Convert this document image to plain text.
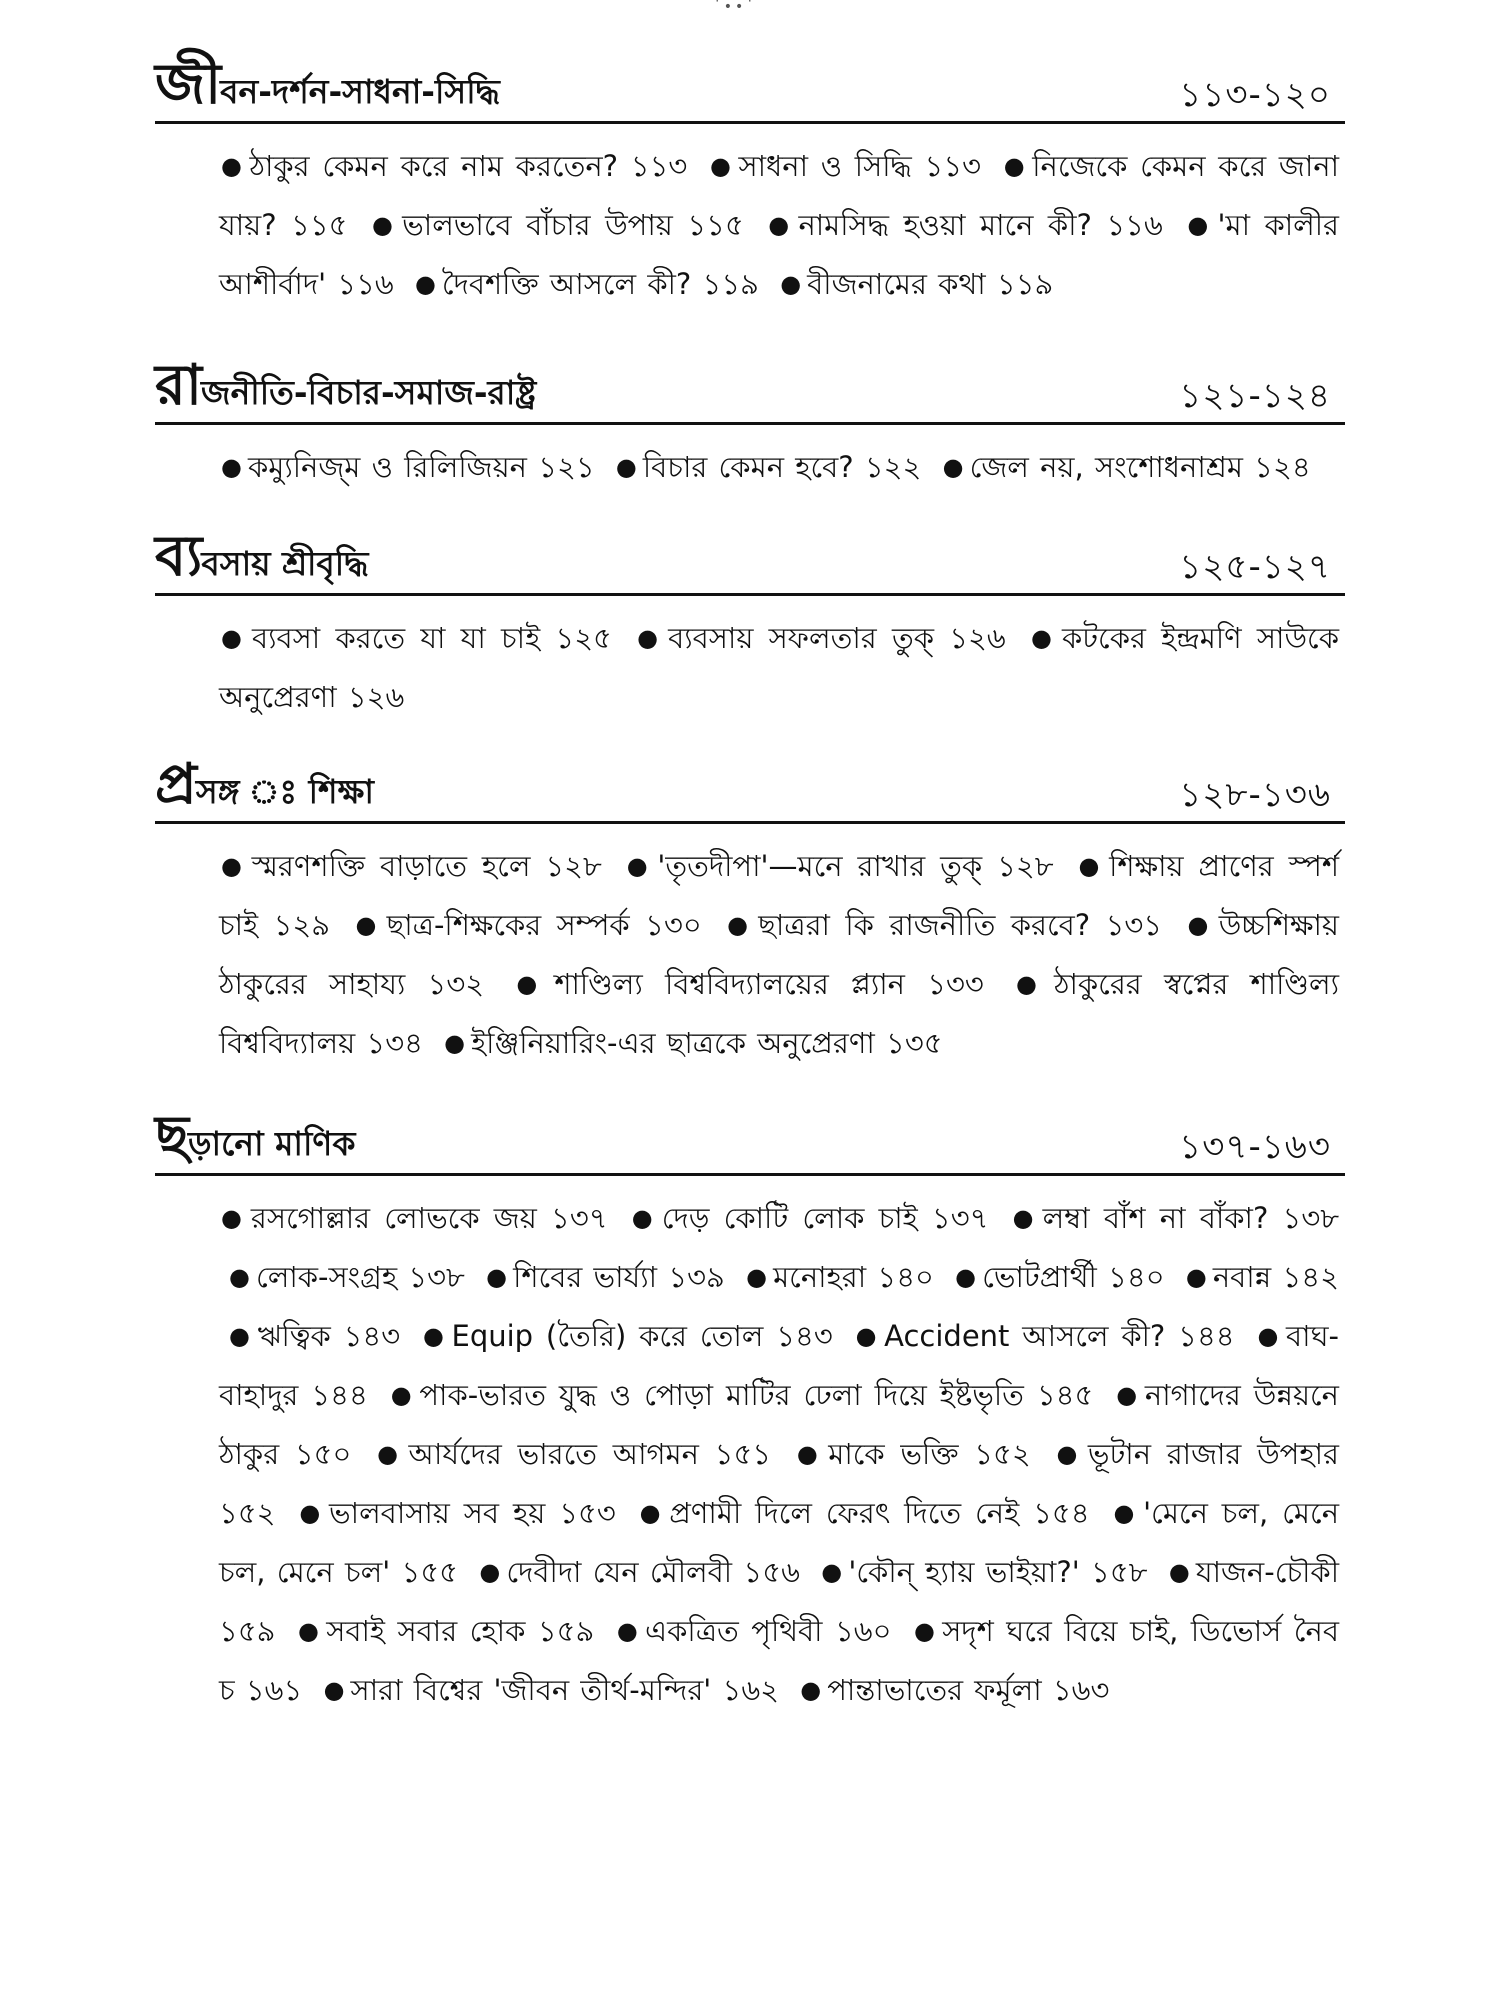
˙••˙
জী বন-দর্শন-সাধনা-সিদ্ধি	১১৩-১২০
● ঠাকুর কেমন করে নাম করতেন? ১১৩ ● সাধনা ও সিদ্ধি ১১৩ ● নিজেকে কেমন করে জানা যায়? ১১৫ ● ভালভাবে বাঁচার উপায় ১১৫ ● নামসিদ্ধ হওয়া মানে কী? ১১৬ ● 'মা কালীর আশীর্বাদ' ১১৬ ● দৈবশক্তি আসলে কী? ১১৯ ● বীজনামের কথা ১১৯
রা জনীতি-বিচার-সমাজ-রাষ্ট্র	১২১-১২৪
● কম্যুনিজ্ম ও রিলিজিয়ন ১২১ ● বিচার কেমন হবে? ১২২ ● জেল নয়, সংশোধনাশ্রম ১২৪
ব্য বসায় শ্রীবৃদ্ধি	১২৫-১২৭
● ব্যবসা করতে যা যা চাই ১২৫ ● ব্যবসায় সফলতার তুক্ ১২৬ ● কটকের ইন্দ্রমণি সাউকে অনুপ্রেরণা ১২৬
প্র সঙ্গ ঃ শিক্ষা	১২৮-১৩৬
● স্মরণশক্তি বাড়াতে হলে ১২৮ ● 'তৃতদীপা'—মনে রাখার তুক্ ১২৮ ● শিক্ষায় প্রাণের স্পর্শ চাই ১২৯ ● ছাত্র-শিক্ষকের সম্পর্ক ১৩০ ● ছাত্ররা কি রাজনীতি করবে? ১৩১ ● উচ্চশিক্ষায় ঠাকুরের সাহায্য ১৩২ ● শাণ্ডিল্য বিশ্ববিদ্যালয়ের প্ল্যান ১৩৩ ● ঠাকুরের স্বপ্নের শাণ্ডিল্য বিশ্ববিদ্যালয় ১৩৪ ● ইঞ্জিনিয়ারিং-এর ছাত্রকে অনুপ্রেরণা ১৩৫
ছ ড়ানো মাণিক	১৩৭-১৬৩
● রসগোল্লার লোভকে জয় ১৩৭ ● দেড় কোটি লোক চাই ১৩৭ ● লম্বা বাঁশ না বাঁকা? ১৩৮ ● লোক-সংগ্রহ ১৩৮ ● শিবের ভার্য্যা ১৩৯ ● মনোহরা ১৪০ ● ভোটপ্রার্থী ১৪০ ● নবান্ন ১৪২ ● ঋত্বিক ১৪৩ ● Equip (তৈরি) করে তোল ১৪৩ ● Accident আসলে কী? ১৪৪ ● বাঘ-বাহাদুর ১৪৪ ● পাক-ভারত যুদ্ধ ও পোড়া মাটির ঢেলা দিয়ে ইষ্টভৃতি ১৪৫ ● নাগাদের উন্নয়নে ঠাকুর ১৫০ ● আর্যদের ভারতে আগমন ১৫১ ● মাকে ভক্তি ১৫২ ● ভূটান রাজার উপহার ১৫২ ● ভালবাসায় সব হয় ১৫৩ ● প্রণামী দিলে ফেরৎ দিতে নেই ১৫৪ ● 'মেনে চল, মেনে চল, মেনে চল' ১৫৫ ● দেবীদা যেন মৌলবী ১৫৬ ● 'কৌন্ হ্যায় ভাইয়া?' ১৫৮ ● যাজন-চৌকী ১৫৯ ● সবাই সবার হোক ১৫৯ ● একত্রিত পৃথিবী ১৬০ ● সদৃশ ঘরে বিয়ে চাই, ডিভোর্স নৈব চ ১৬১ ● সারা বিশ্বের 'জীবন তীর্থ-মন্দির' ১৬২ ● পান্তাভাতের ফর্মূলা ১৬৩
